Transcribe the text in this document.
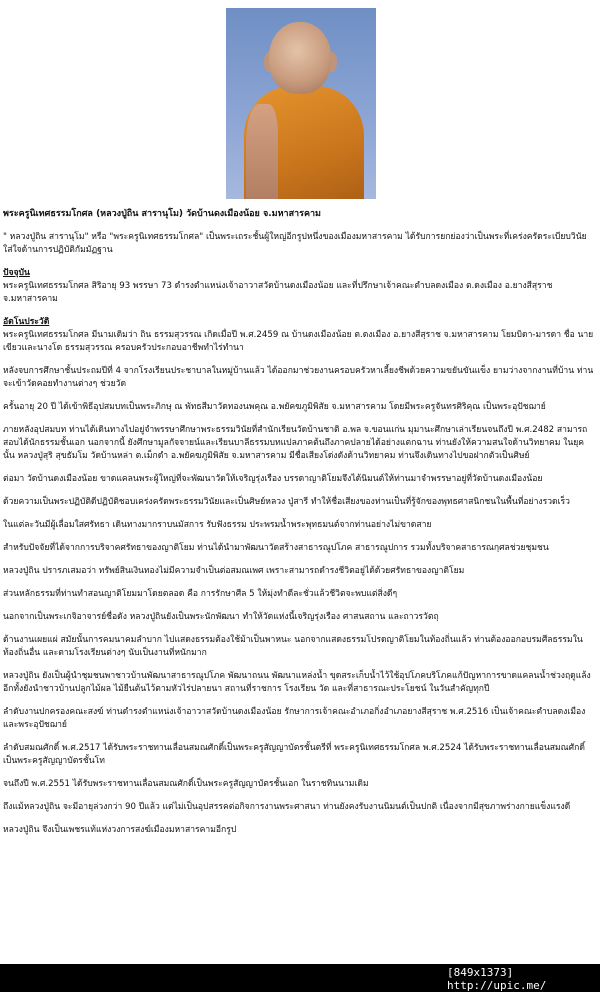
พระครูนิเทศธรรมโกศล (หลวงปู่ถิน สารานุโม) วัดบ้านดงเมืองน้อย จ.มหาสารคาม
" หลวงปู่ถิน สารานุโม" หรือ "พระครูนิเทศธรรมโกศล" เป็นพระเถระชั้นผู้ใหญ่อีกรูปหนึ่งของเมืองมหาสารคาม ได้รับการยกย่องว่าเป็นพระที่เคร่งครัดระเบียบวินัย ใส่ใจด้านการปฏิบัติกัมมัฏฐาน
ปัจจุบัน
พระครูนิเทศธรรมโกศล สิริอายุ 93 พรรษา 73 ดำรงตำแหน่งเจ้าอาวาสวัดบ้านดงเมืองน้อย และที่ปรึกษาเจ้าคณะตำบลดงเมือง ต.ดงเมือง อ.ยางสีสุราช จ.มหาสารคาม
อัตโนประวัติ
พระครูนิเทศธรรมโกศล มีนามเดิมว่า ถิน ธรรมสุวรรณ เกิดเมื่อปี พ.ศ.2459 ณ บ้านดงเมืองน้อย ต.ดงเมือง อ.ยางสีสุราช จ.มหาสารคาม โยมบิดา-มารดา ชื่อ นายเขียวและนางโด ธรรมสุวรรณ ครอบครัวประกอบอาชีพทำไร่ทำนา
หลังจบการศึกษาชั้นประถมปีที่ 4 จากโรงเรียนประชาบาลในหมู่บ้านแล้ว ได้ออกมาช่วยงานครอบครัวหาเลี้ยงชีพด้วยความขยันขันแข็ง ยามว่างจากงานที่บ้าน ท่านจะเข้าวัดคอยทำงานต่างๆ ช่วยวัด
ครั้นอายุ 20 ปี ได้เข้าพิธีอุปสมบทเป็นพระภิกษุ ณ พัทธสีมาวัดทองนพคุณ อ.พยัคฆภูมิพิสัย จ.มหาสารคาม โดยมีพระครูจันทรศิริคุณ เป็นพระอุปัชฌาย์
ภายหลังอุปสมบท ท่านได้เดินทางไปอยู่จำพรรษาศึกษาพระธรรมวินัยที่สำนักเรียนวัดบ้านชาติ อ.พล จ.ขอนแก่น มุมานะศึกษาเล่าเรียนจนถึงปี พ.ศ.2482 สามารถสอบได้นักธรรมชั้นเอก นอกจากนี้ ยังศึกษามูลกัจจายน์และเรียนบาลีธรรมบทแปลภาคต้นถึงภาคปลายได้อย่างแตกฉาน ท่านยังให้ความสนใจด้านวิทยาคม ในยุคนั้น หลวงปู่สุริ สุขธัมโม วัดบ้านหล่า ต.เม็กดำ อ.พยัคฆภูมิพิสัย จ.มหาสารคาม มีชื่อเสียงโด่งดังด้านวิทยาคม ท่านจึงเดินทางไปขอฝากตัวเป็นศิษย์
ต่อมา วัดบ้านดงเมืองน้อย ขาดแคลนพระผู้ใหญ่ที่จะพัฒนาวัดให้เจริญรุ่งเรือง บรรดาญาติโยมจึงได้นิมนต์ให้ท่านมาจำพรรษาอยู่ที่วัดบ้านดงเมืองน้อย
ด้วยความเป็นพระปฏิบัติดีปฏิบัติชอบเคร่งครัดพระธรรมวินัยและเป็นศิษย์หลวง ปู่สารี ทำให้ชื่อเสียงของท่านเป็นที่รู้จักของพุทธศาสนิกชนในพื้นที่อย่างรวดเร็ว
ในแต่ละวันมีผู้เลื่อมใสศรัทธา เดินทางมากราบนมัสการ รับฟังธรรม ประพรมน้ำพระพุทธมนต์จากท่านอย่างไม่ขาดสาย
สำหรับปัจจัยที่ได้จากการบริจาคศรัทธาของญาติโยม ท่านได้นำมาพัฒนาวัดสร้างสาธารณูปโภค สาธารณูปการ รวมทั้งบริจาคสาธารณกุศลช่วยชุมชน
หลวงปู่ถิน ปรารภเสมอว่า ทรัพย์สินเงินทองไม่มีความจำเป็นต่อสมณเพศ เพราะสามารถดำรงชีวิตอยู่ได้ด้วยศรัทธาของญาติโยม
ส่วนหลักธรรมที่ท่านทำสอนญาติโยมมาโดยตลอด คือ การรักษาศีล 5 ให้มุ่งทำดีละชั่วแล้วชีวิตจะพบแต่สิ่งดีๆ
นอกจากเป็นพระเกจิอาจารย์ชื่อดัง หลวงปู่ถินยังเป็นพระนักพัฒนา ทำให้วัดแห่งนี้เจริญรุ่งเรือง ศาสนสถาน และถาวรวัตถุ
ด้านงานเผยแผ่ สมัยนั้นการคมนาคมลำบาก ไปแสดงธรรมต้องใช้ม้าเป็นพาหนะ นอกจากแสดงธรรมโปรดญาติโยมในท้องถิ่นแล้ว ท่านต้องออกอบรมศีลธรรมในท้องถิ่นอื่น และตามโรงเรียนต่างๆ นับเป็นงานที่หนักมาก
หลวงปู่ถิน ยังเป็นผู้นำชุมชนพาชาวบ้านพัฒนาสาธารณูปโภค พัฒนาถนน พัฒนาแหล่งน้ำ ขุดสระเก็บน้ำไว้ใช้อุปโภคบริโภคแก้ปัญหาการขาดแคลนน้ำช่วงฤดูแล้ง อีกทั้งยังนำชาวบ้านปลูกไม้ผล ไม้ยืนต้นไว้ตามหัวไร่ปลายนา สถานที่ราชการ โรงเรียน วัด และที่สาธารณะประโยชน์ ในวันสำคัญทุกปี
ลำดับงานปกครองคณะสงฆ์ ท่านดำรงตำแหน่งเจ้าอาวาสวัดบ้านดงเมืองน้อย รักษาการเจ้าคณะอำเภอกิ่งอำเภอยางสีสุราช พ.ศ.2516 เป็นเจ้าคณะตำบลดงเมือง และพระอุปัชฌาย์
ลำดับสมณศักดิ์ พ.ศ.2517 ได้รับพระราชทานเลื่อนสมณศักดิ์เป็นพระครูสัญญาบัตรชั้นตรีที่ พระครูนิเทศธรรมโกศล พ.ศ.2524 ได้รับพระราชทานเลื่อนสมณศักดิ์เป็นพระครูสัญญาบัตรชั้นโท
จนถึงปี พ.ศ.2551 ได้รับพระราชทานเลื่อนสมณศักดิ์เป็นพระครูสัญญาบัตรชั้นเอก ในราชทินนามเดิม
ถึงแม้หลวงปู่ถิน จะมีอายุล่วงกว่า 90 ปีแล้ว แต่ไม่เป็นอุปสรรคต่อกิจการงานพระศาสนา ท่านยังคงรับงานนิมนต์เป็นปกติ เนื่องจากมีสุขภาพร่างกายแข็งแรงดี
หลวงปู่ถิน จึงเป็นเพชรแท้แห่งวงการสงฆ์เมืองมหาสารคามอีกรูป
[849x1373] http://upic.me/
